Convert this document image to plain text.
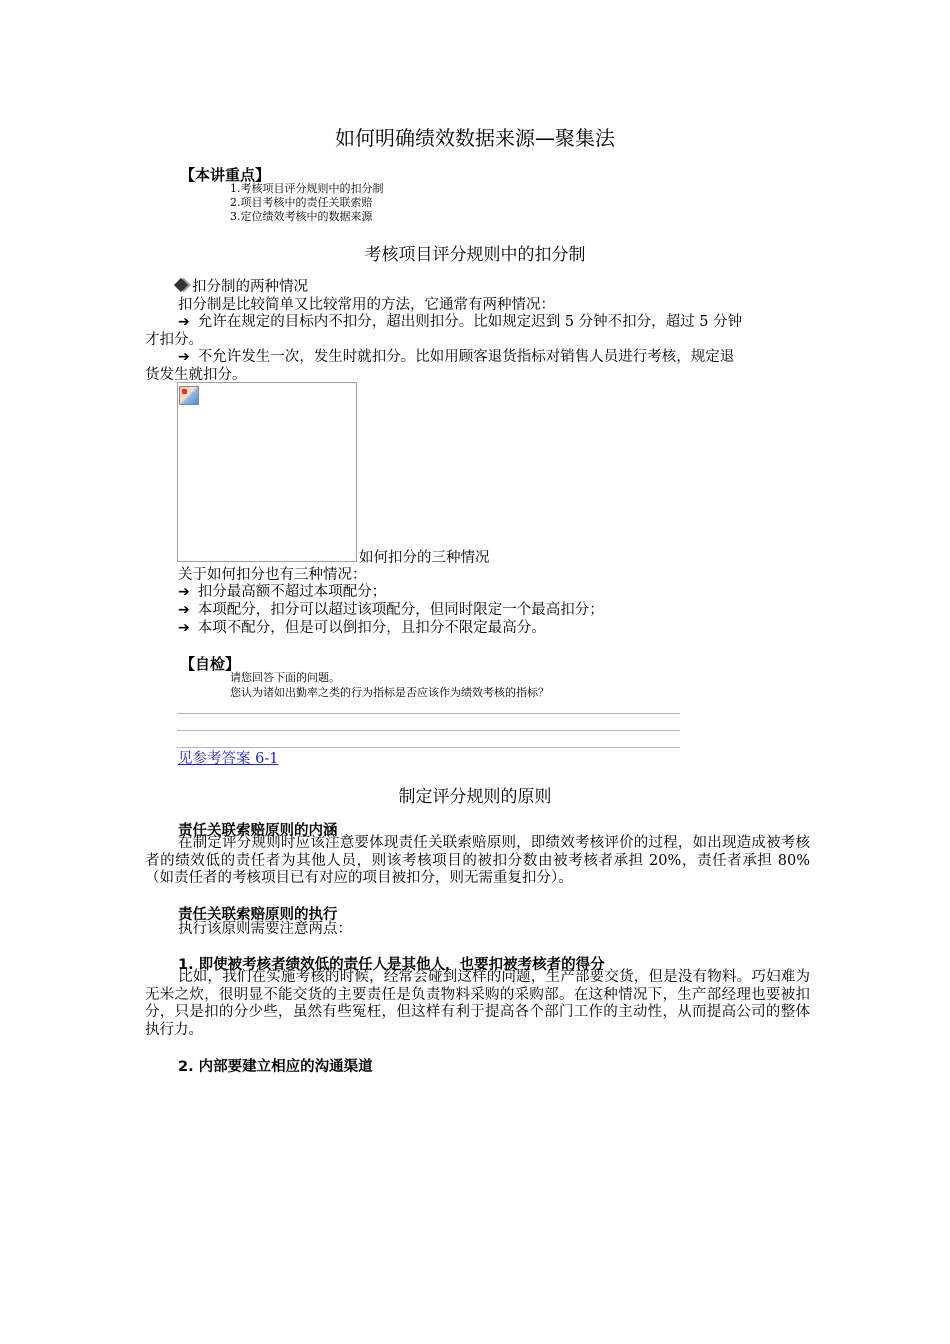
如何明确绩效数据来源—聚集法
【本讲重点】
1.考核项目评分规则中的扣分制
2.项目考核中的责任关联索赔
3.定位绩效考核中的数据来源
考核项目评分规则中的扣分制
扣分制的两种情况
扣分制是比较简单又比较常用的方法，它通常有两种情况：
➔ 允许在规定的目标内不扣分，超出则扣分。比如规定迟到 5 分钟不扣分，超过 5 分钟
才扣分。
➔ 不允许发生一次，发生时就扣分。比如用顾客退货指标对销售人员进行考核，规定退
货发生就扣分。
如何扣分的三种情况
关于如何扣分也有三种情况：
➔ 扣分最高额不超过本项配分；
➔ 本项配分，扣分可以超过该项配分，但同时限定一个最高扣分；
➔ 本项不配分，但是可以倒扣分，且扣分不限定最高分。
【自检】
请您回答下面的问题。
您认为诸如出勤率之类的行为指标是否应该作为绩效考核的指标？
见参考答案 6-1
制定评分规则的原则
责任关联索赔原则的内涵
在制定评分规则时应该注意要体现责任关联索赔原则，即绩效考核评价的过程，如出现造成被考核者的绩效低的责任者为其他人员，则该考核项目的被扣分数由被考核者承担 20%，责任者承担 80%（如责任者的考核项目已有对应的项目被扣分，则无需重复扣分）。
责任关联索赔原则的执行
执行该原则需要注意两点：
1. 即使被考核者绩效低的责任人是其他人，也要扣被考核者的得分
比如，我们在实施考核的时候，经常会碰到这样的问题，生产部要交货，但是没有物料。巧妇难为无米之炊，很明显不能交货的主要责任是负责物料采购的采购部。在这种情况下，生产部经理也要被扣分，只是扣的分少些，虽然有些冤枉，但这样有利于提高各个部门工作的主动性，从而提高公司的整体执行力。
2. 内部要建立相应的沟通渠道
